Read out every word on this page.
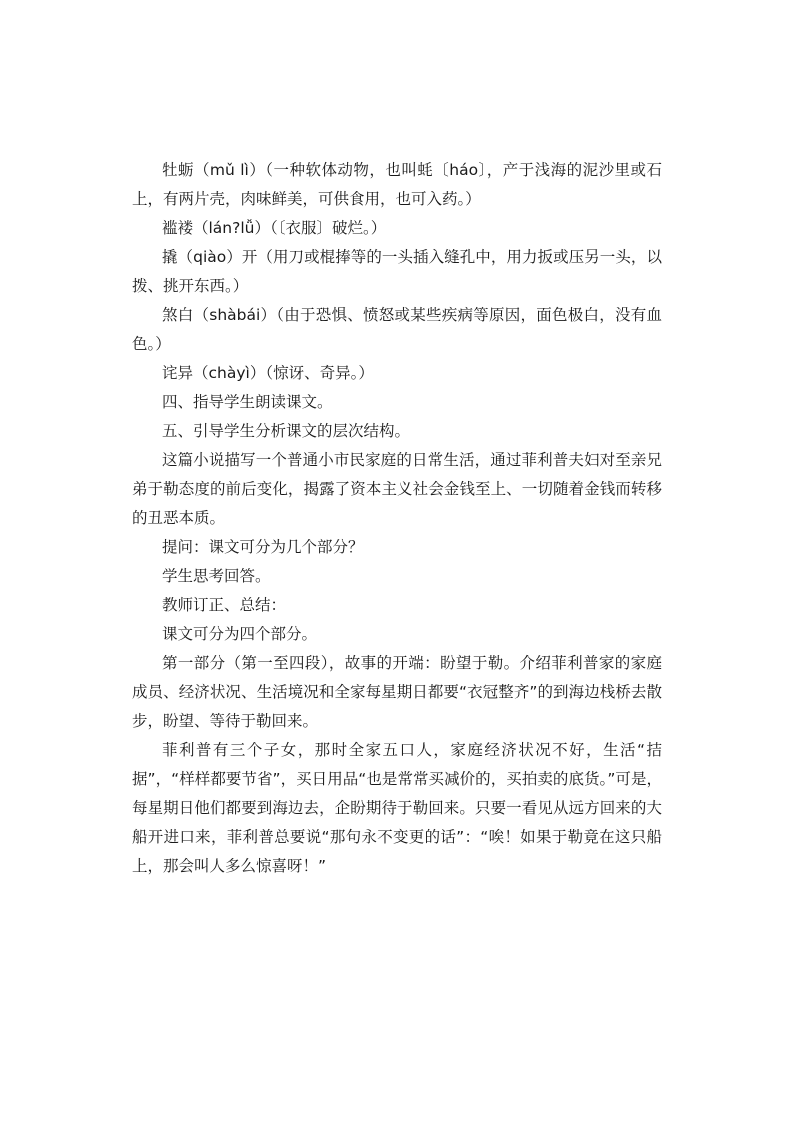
牡蛎（mǔ lì）（一种软体动物，也叫蚝〔háo〕，产于浅海的泥沙里或石上，有两片壳，肉味鲜美，可供食用，也可入药。）

褴褛（lán?lǚ）（〔衣服〕破烂。）

撬（qiào）开（用刀或棍捧等的一头插入缝孔中，用力扳或压另一头，以拨、挑开东西。）

煞白（shàbái）（由于恐惧、愤怒或某些疾病等原因，面色极白，没有血色。）

诧异（chàyì）（惊讶、奇异。）

四、指导学生朗读课文。

五、引导学生分析课文的层次结构。

这篇小说描写一个普通小市民家庭的日常生活，通过菲利普夫妇对至亲兄弟于勒态度的前后变化，揭露了资本主义社会金钱至上、一切随着金钱而转移的丑恶本质。

提问：课文可分为几个部分？

学生思考回答。

教师订正、总结：

课文可分为四个部分。

第一部分（第一至四段），故事的开端：盼望于勒。介绍菲利普家的家庭成员、经济状况、生活境况和全家每星期日都要“衣冠整齐”的到海边栈桥去散步，盼望、等待于勒回来。

菲利普有三个子女，那时全家五口人，家庭经济状况不好，生活“拮据”，“样样都要节省”，买日用品“也是常常买减价的，买拍卖的底货。”可是，每星期日他们都要到海边去，企盼期待于勒回来。只要一看见从远方回来的大船开进口来，菲利普总要说“那句永不变更的话”：“唉！如果于勒竟在这只船上，那会叫人多么惊喜呀！”
